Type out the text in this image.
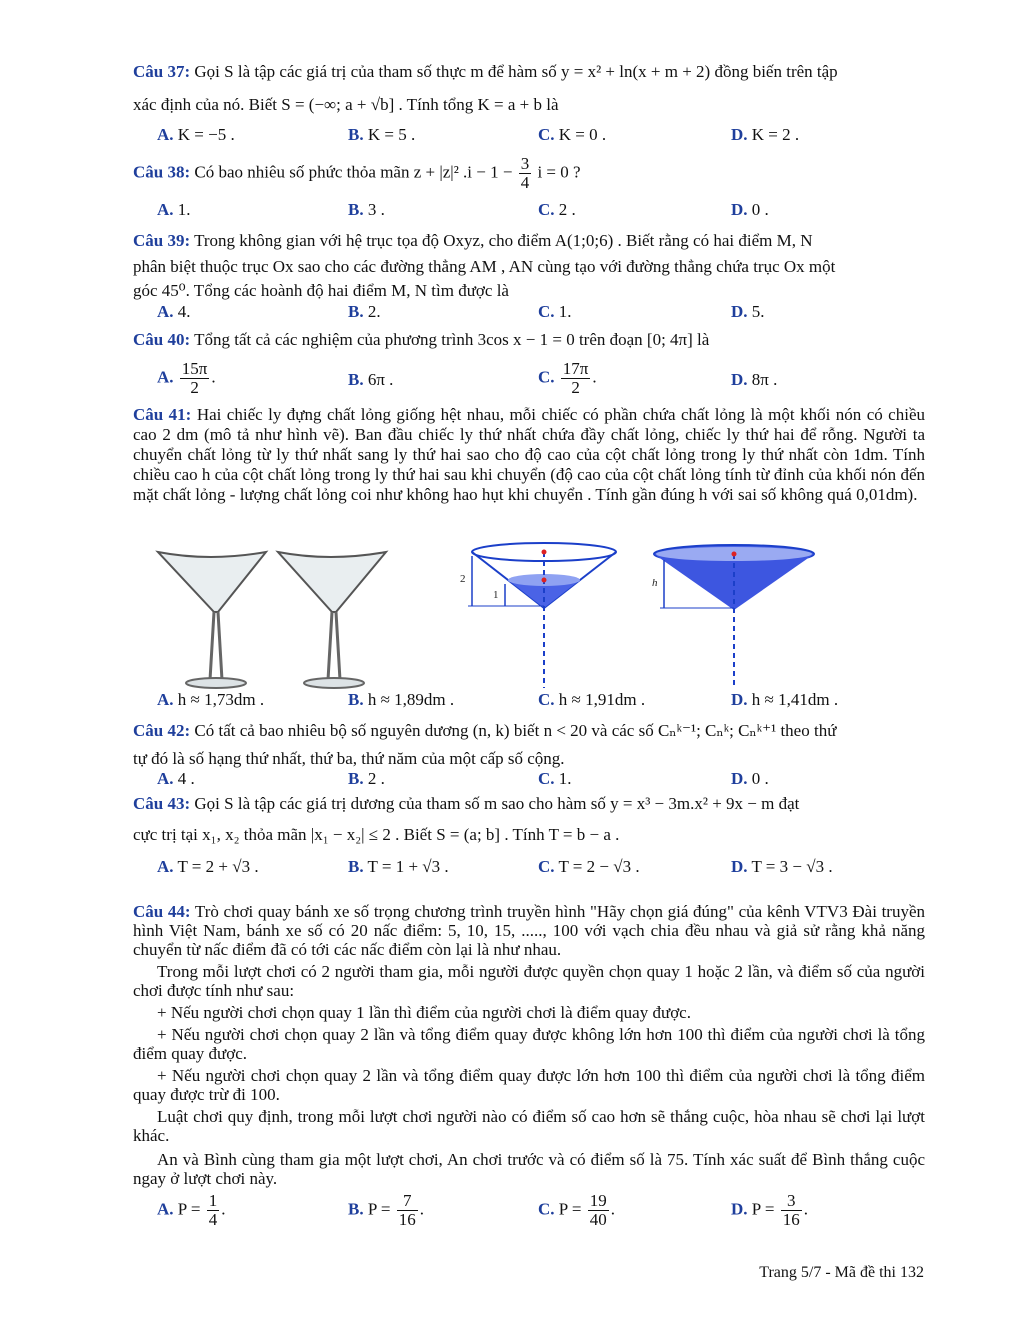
Câu 37: Gọi S là tập các giá trị của tham số thực m để hàm số y = x² + ln(x + m + 2) đồng biến trên tập
xác định của nó. Biết S = (−∞; a + √b] . Tính tổng K = a + b là
A. K = −5 .	B. K = 5 .	C. K = 0 .	D. K = 2 .
Câu 38: Có bao nhiêu số phức thỏa mãn z + |z|² $.i - 1 - \frac{3}{4}$ i = 0 ?
A. 1.	B. 3 .	C. 2 .	D. 0 .
Câu 39: Trong không gian với hệ trục tọa độ Oxyz, cho điểm A(1;0;6) . Biết rằng có hai điểm M, N
phân biệt thuộc trục Ox sao cho các đường thẳng AM , AN cùng tạo với đường thẳng chứa trục Ox một
góc 45⁰. Tổng các hoành độ hai điểm M, N tìm được là
A. 4.	B. 2.	C. 1.	D. 5.
Câu 40: Tổng tất cả các nghiệm của phương trình 3cos x − 1 = 0 trên đoạn [0; 4π] là
A. $\frac{15\pi}{2}$ .	B. 6π .	C. $\frac{17\pi}{2}$ .	D. 8π .
Câu 41: Hai chiếc ly đựng chất lỏng giống hệt nhau, mỗi chiếc có phần chứa chất lỏng là một khối nón có chiều cao 2 dm (mô tả như hình vẽ). Ban đầu chiếc ly thứ nhất chứa đầy chất lỏng, chiếc ly thứ hai để rỗng. Người ta chuyển chất lỏng từ ly thứ nhất sang ly thứ hai sao cho độ cao của cột chất lỏng trong ly thứ nhất còn 1dm. Tính chiều cao h của cột chất lỏng trong ly thứ hai sau khi chuyển (độ cao của cột chất lỏng tính từ đỉnh của khối nón đến mặt chất lỏng - lượng chất lỏng coi như không hao hụt khi chuyển . Tính gần đúng h với sai số không quá 0,01dm).
2
1
h
A. h ≈ 1,73dm .	B. h ≈ 1,89dm .	C. h ≈ 1,91dm .	D. h ≈ 1,41dm .
Câu 42: Có tất cả bao nhiêu bộ số nguyên dương (n, k) biết n < 20 và các số Cₙᵏ⁻¹; Cₙᵏ; Cₙᵏ⁺¹ theo thứ
tự đó là số hạng thứ nhất, thứ ba, thứ năm của một cấp số cộng.
A. 4 .	B. 2 .	C. 1.	D. 0 .
Câu 43: Gọi S là tập các giá trị dương của tham số m sao cho hàm số y = x³ − 3m.x² + 9x − m đạt
cực trị tại x₁, x₂ thỏa mãn |x₁ − x₂| ≤ 2 . Biết S = (a; b] . Tính T = b − a .
A. T = 2 + √3 .	B. T = 1 + √3 .	C. T = 2 − √3 .	D. T = 3 − √3 .
Câu 44: Trò chơi quay bánh xe số trọng chương trình truyền hình "Hãy chọn giá đúng" của kênh VTV3 Đài truyền hình Việt Nam, bánh xe số có 20 nấc điểm: 5, 10, 15, ....., 100 với vạch chia đều nhau và giả sử rằng khả năng chuyển từ nấc điểm đã có tới các nấc điểm còn lại là như nhau.
Trong mỗi lượt chơi có 2 người tham gia, mỗi người được quyền chọn quay 1 hoặc 2 lần, và điểm số của người chơi được tính như sau:
+ Nếu người chơi chọn quay 1 lần thì điểm của người chơi là điểm quay được.
+ Nếu người chơi chọn quay 2 lần và tổng điểm quay được không lớn hơn 100 thì điểm của người chơi là tổng điểm quay được.
+ Nếu người chơi chọn quay 2 lần và tổng điểm quay được lớn hơn 100 thì điểm của người chơi là tổng điểm quay được trừ đi 100.
Luật chơi quy định, trong mỗi lượt chơi người nào có điểm số cao hơn sẽ thắng cuộc, hòa nhau sẽ chơi lại lượt khác.
An và Bình cùng tham gia một lượt chơi, An chơi trước và có điểm số là 75. Tính xác suất để Bình thắng cuộc ngay ở lượt chơi này.
A. $P = \frac{1}{4}$ .	B. $P = \frac{7}{16}$ .	C. $P = \frac{19}{40}$ .	D. $P = \frac{3}{16}$ .
Trang 5/7 - Mã đề thi 132
